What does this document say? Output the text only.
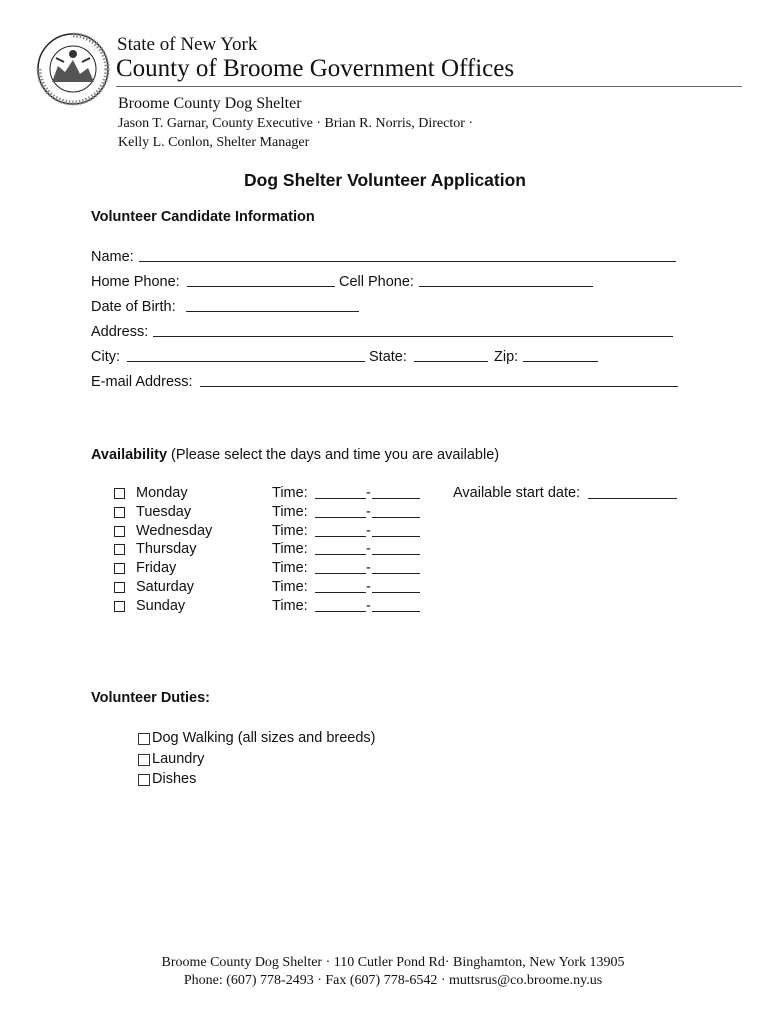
State of New York
County of Broome Government Offices
Broome County Dog Shelter
Jason T. Garnar, County Executive · Brian R. Norris, Director ·
Kelly L. Conlon, Shelter Manager
Dog Shelter Volunteer Application
Volunteer Candidate Information
Name:
Home Phone:	Cell Phone:
Date of Birth:
Address:
City:	State:	Zip:
E-mail Address:
Availability (Please select the days and time you are available)
Monday	Time:	-
Tuesday	Time:	-
Wednesday	Time:	-
Thursday	Time:	-
Friday	Time:	-
Saturday	Time:	-
Sunday	Time:	-
Available start date:
Volunteer Duties:
Dog Walking (all sizes and breeds)
Laundry
Dishes
Broome County Dog Shelter · 110 Cutler Pond Rd· Binghamton, New York 13905
Phone: (607) 778-2493 · Fax (607) 778-6542 · muttsrus@co.broome.ny.us
